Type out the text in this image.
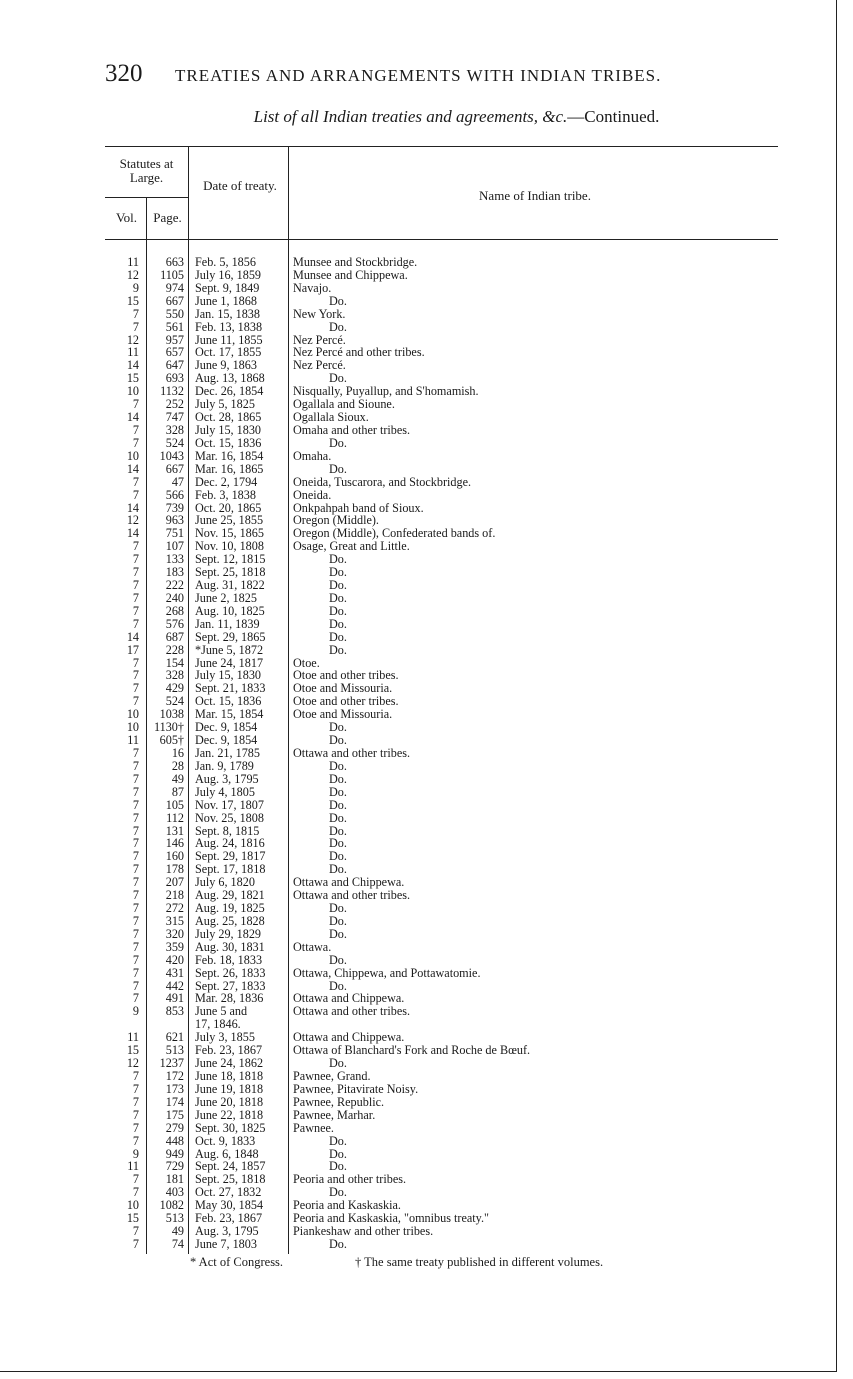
320 TREATIES AND ARRANGEMENTS WITH INDIAN TRIBES.
List of all Indian treaties and agreements, &c.—Continued.
Statutes at Large.
Vol.	Page.
Date of treaty.
Name of Indian tribe.
11	663 Feb. 5, 1856	Munsee and Stockbridge.
12	1105 July 16, 1859	Munsee and Chippewa.
9	974 Sept. 9, 1849	Navajo.
15	667 June 1, 1868	Do.
7	550 Jan. 15, 1838	New York.
7	561 Feb. 13, 1838	Do.
12	957 June 11, 1855	Nez Percé.
11	657 Oct. 17, 1855	Nez Percé and other tribes.
14	647 June 9, 1863	Nez Percé.
15	693 Aug. 13, 1868	Do.
10	1132 Dec. 26, 1854	Nisqually, Puyallup, and S'homamish.
7	252 July 5, 1825	Ogallala and Sioune.
14	747 Oct. 28, 1865	Ogallala Sioux.
7	328 July 15, 1830	Omaha and other tribes.
7	524 Oct. 15, 1836	Do.
10	1043 Mar. 16, 1854	Omaha.
14	667 Mar. 16, 1865	Do.
7	47 Dec. 2, 1794	Oneida, Tuscarora, and Stockbridge.
7	566 Feb. 3, 1838	Oneida.
14	739 Oct. 20, 1865	Onkpahpah band of Sioux.
12	963 June 25, 1855	Oregon (Middle).
14	751 Nov. 15, 1865	Oregon (Middle), Confederated bands of.
7	107 Nov. 10, 1808	Osage, Great and Little.
7	133 Sept. 12, 1815	Do.
7	183 Sept. 25, 1818	Do.
7	222 Aug. 31, 1822	Do.
7	240 June 2, 1825	Do.
7	268 Aug. 10, 1825	Do.
7	576 Jan. 11, 1839	Do.
14	687 Sept. 29, 1865	Do.
17	228 *June 5, 1872	Do.
7	154 June 24, 1817	Otoe.
7	328 July 15, 1830	Otoe and other tribes.
7	429 Sept. 21, 1833	Otoe and Missouria.
7	524 Oct. 15, 1836	Otoe and other tribes.
10	1038 Mar. 15, 1854	Otoe and Missouria.
10	1130† Dec. 9, 1854	Do.
11	605† Dec. 9, 1854	Do.
7	16 Jan. 21, 1785	Ottawa and other tribes.
7	28 Jan. 9, 1789	Do.
7	49 Aug. 3, 1795	Do.
7	87 July 4, 1805	Do.
7	105 Nov. 17, 1807	Do.
7	112 Nov. 25, 1808	Do.
7	131 Sept. 8, 1815	Do.
7	146 Aug. 24, 1816	Do.
7	160 Sept. 29, 1817	Do.
7	178 Sept. 17, 1818	Do.
7	207 July 6, 1820	Ottawa and Chippewa.
7	218 Aug. 29, 1821	Ottawa and other tribes.
7	272 Aug. 19, 1825	Do.
7	315 Aug. 25, 1828	Do.
7	320 July 29, 1829	Do.
7	359 Aug. 30, 1831	Ottawa.
7	420 Feb. 18, 1833	Do.
7	431 Sept. 26, 1833	Ottawa, Chippewa, and Pottawatomie.
7	442 Sept. 27, 1833	Do.
7	491 Mar. 28, 1836	Ottawa and Chippewa.
9	853 June 5 and	Ottawa and other tribes.
17, 1846.
11	621 July 3, 1855	Ottawa and Chippewa.
15	513 Feb. 23, 1867	Ottawa of Blanchard's Fork and Roche de Bœuf.
12	1237 June 24, 1862	Do.
7	172 June 18, 1818	Pawnee, Grand.
7	173 June 19, 1818	Pawnee, Pitavirate Noisy.
7	174 June 20, 1818	Pawnee, Republic.
7	175 June 22, 1818	Pawnee, Marhar.
7	279 Sept. 30, 1825	Pawnee.
7	448 Oct. 9, 1833	Do.
9	949 Aug. 6, 1848	Do.
11	729 Sept. 24, 1857	Do.
7	181 Sept. 25, 1818	Peoria and other tribes.
7	403 Oct. 27, 1832	Do.
10	1082 May 30, 1854	Peoria and Kaskaskia.
15	513 Feb. 23, 1867	Peoria and Kaskaskia, "omnibus treaty."
7	49 Aug. 3, 1795	Piankeshaw and other tribes.
7	74 June 7, 1803	Do.
* Act of Congress.	† The same treaty published in different volumes.
